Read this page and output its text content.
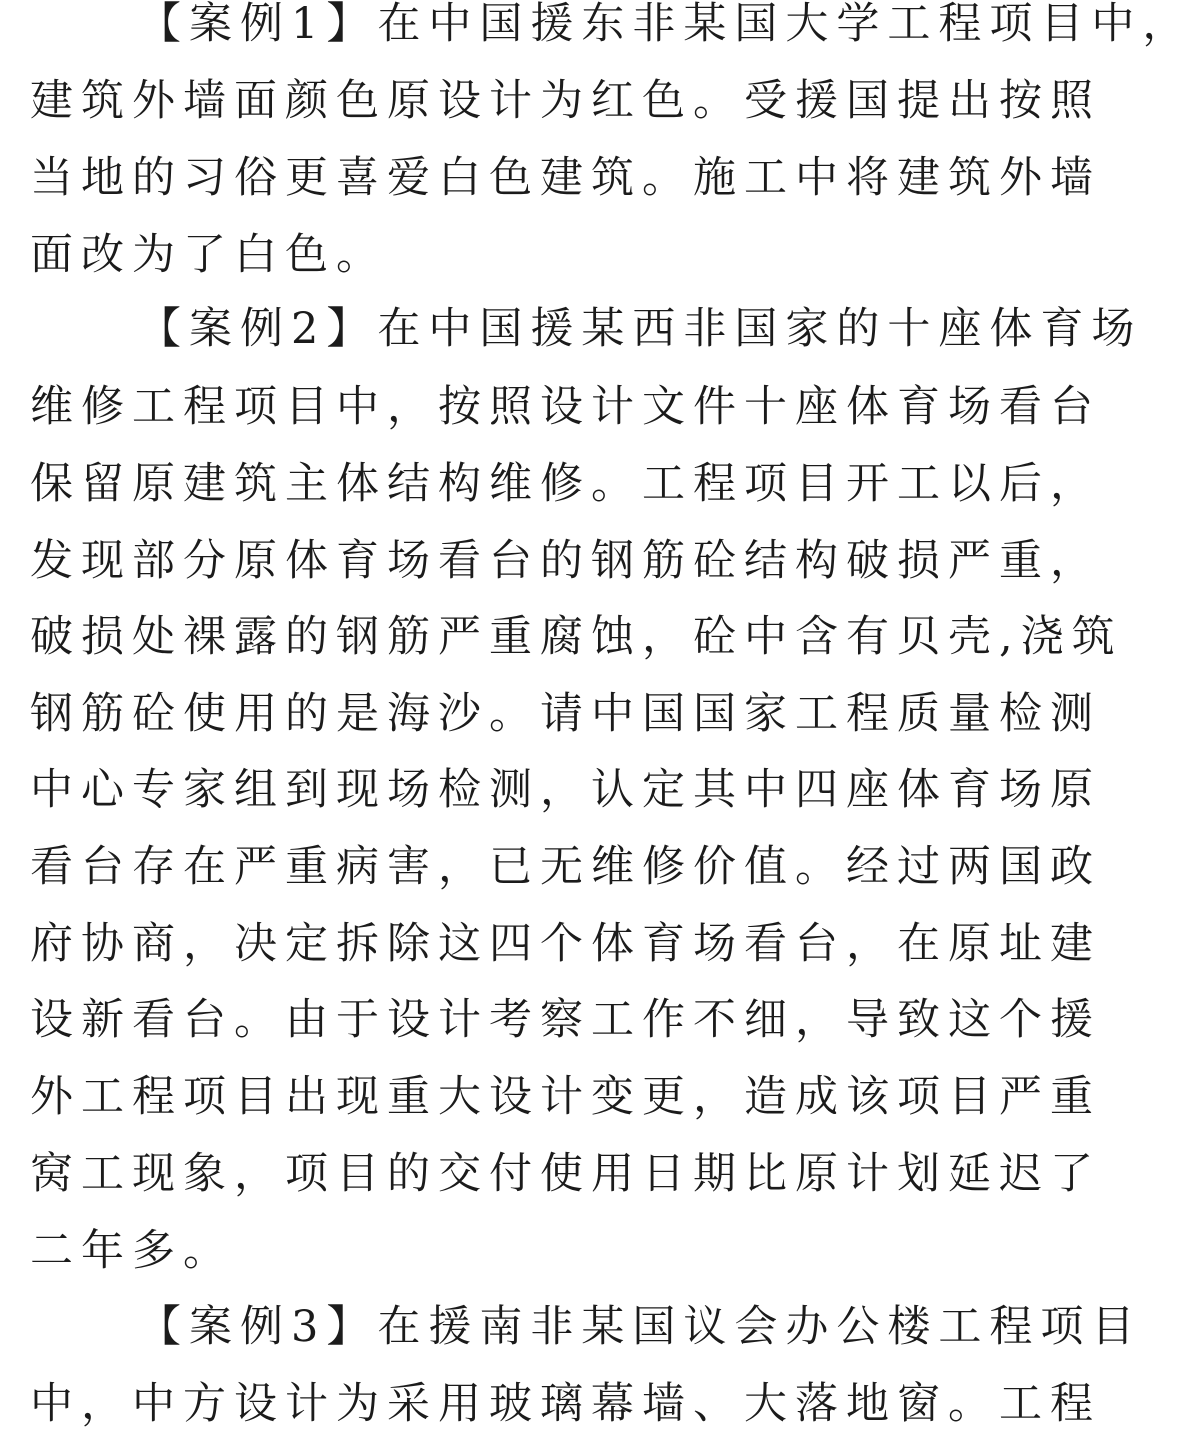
【案例1】在中国援东非某国大学工程项目中，

建筑外墙面颜色原设计为红色。受援国提出按照

当地的习俗更喜爱白色建筑。施工中将建筑外墙

面改为了白色。

【案例2】在中国援某西非国家的十座体育场

维修工程项目中，按照设计文件十座体育场看台

保留原建筑主体结构维修。工程项目开工以后，

发现部分原体育场看台的钢筋砼结构破损严重，

破损处裸露的钢筋严重腐蚀，砼中含有贝壳,浇筑

钢筋砼使用的是海沙。请中国国家工程质量检测

中心专家组到现场检测，认定其中四座体育场原

看台存在严重病害，已无维修价值。经过两国政

府协商，决定拆除这四个体育场看台，在原址建

设新看台。由于设计考察工作不细，导致这个援

外工程项目出现重大设计变更，造成该项目严重

窝工现象，项目的交付使用日期比原计划延迟了

二年多。

【案例3】在援南非某国议会办公楼工程项目

中，中方设计为采用玻璃幕墙、大落地窗。工程
